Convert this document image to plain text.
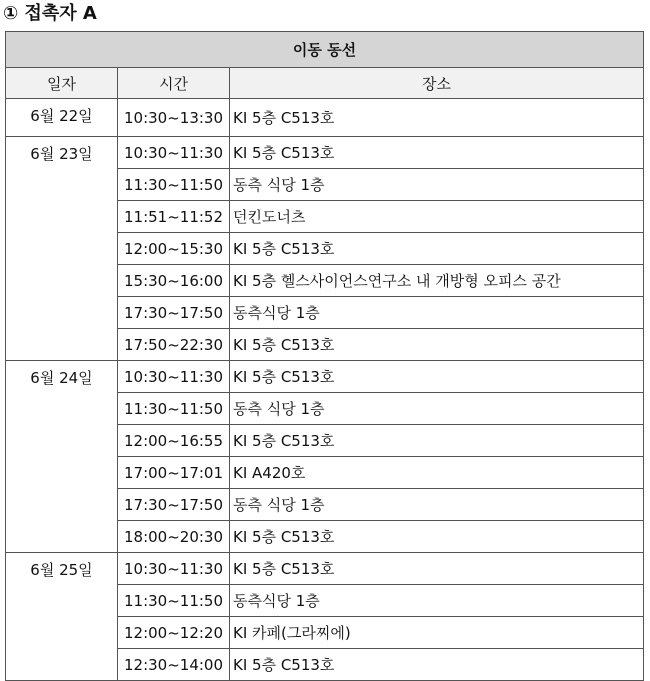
① 접촉자 A
이동 동선		
일자	시간	장소
6월 22일	10:30~13:30	KI 5층 C513호
6월 23일	10:30~11:30	KI 5층 C513호
	11:30~11:50	동측 식당 1층
	11:51~11:52	던킨도너츠
	12:00~15:30	KI 5층 C513호
	15:30~16:00	KI 5층 헬스사이언스연구소 내 개방형 오피스 공간
	17:30~17:50	동측식당 1층
	17:50~22:30	KI 5층 C513호
6월 24일	10:30~11:30	KI 5층 C513호
	11:30~11:50	동측 식당 1층
	12:00~16:55	KI 5층 C513호
	17:00~17:01	KI A420호
	17:30~17:50	동측 식당 1층
	18:00~20:30	KI 5층 C513호
6월 25일	10:30~11:30	KI 5층 C513호
	11:30~11:50	동측식당 1층
	12:00~12:20	KI 카페(그라찌에)
	12:30~14:00	KI 5층 C513호
